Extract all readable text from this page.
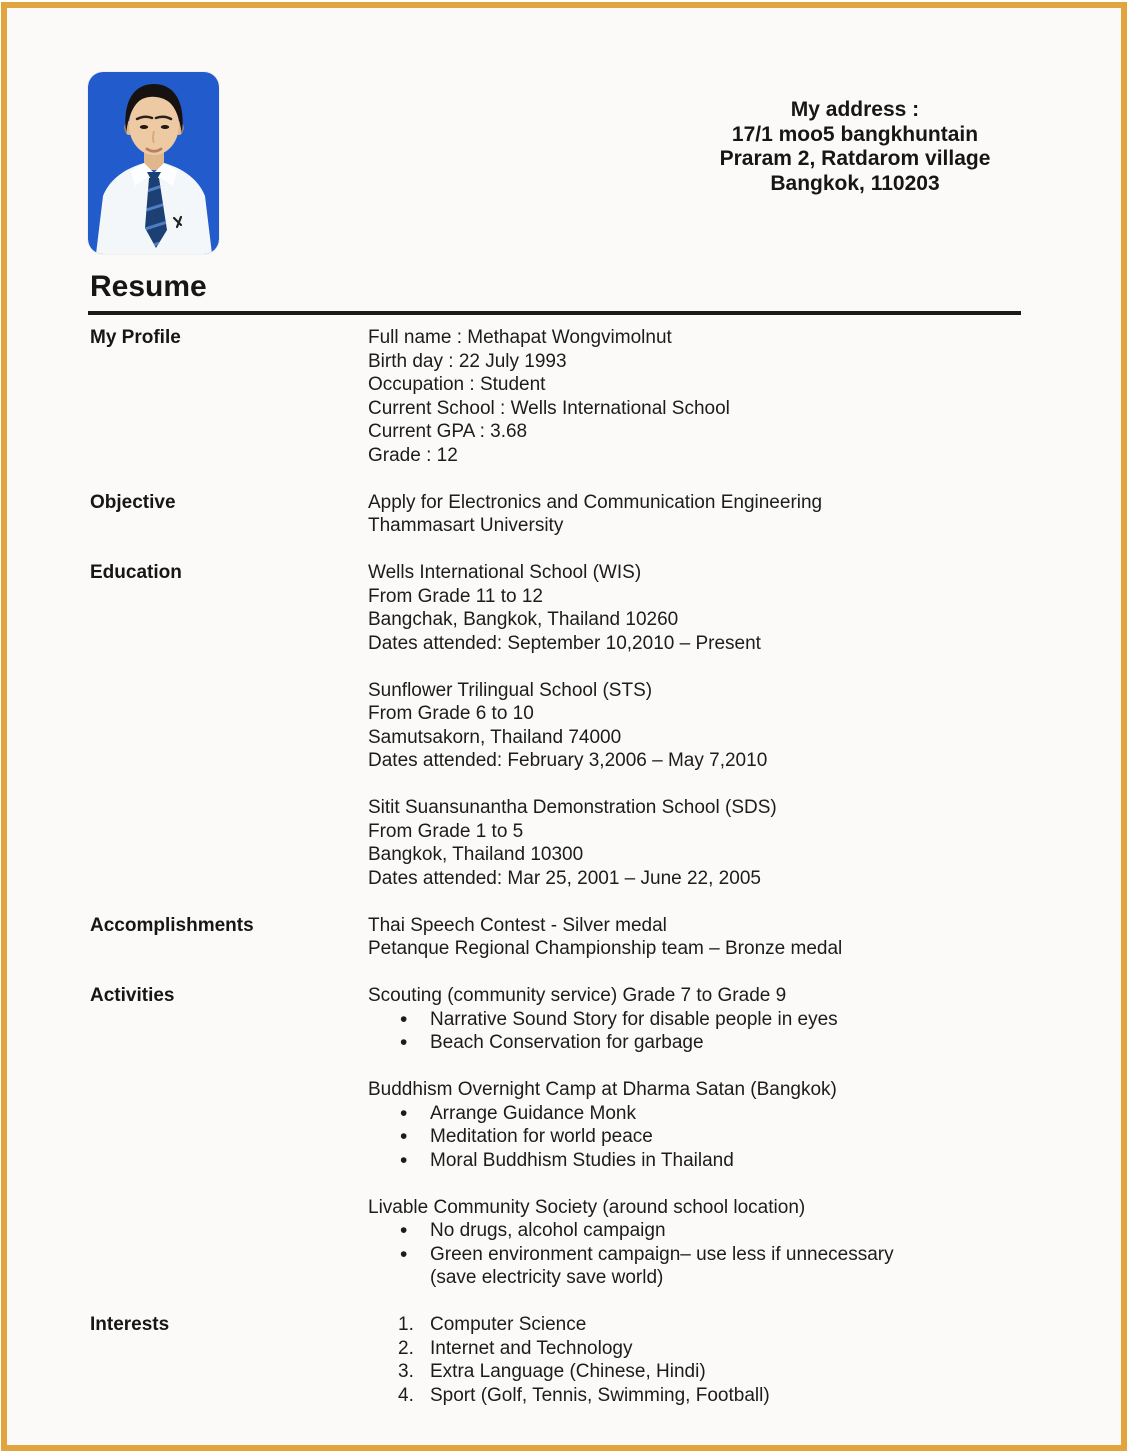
My address :
17/1 moo5 bangkhuntain
Praram 2, Ratdarom village
Bangkok, 110203
Resume
My Profile	Full name : Methapat Wongvimolnut
Birth day : 22 July 1993
Occupation : Student
Current School : Wells International School
Current GPA : 3.68
Grade : 12
Objective	Apply for Electronics and Communication Engineering
Thammasart University
Education	Wells International School (WIS)
From Grade 11 to 12
Bangchak, Bangkok, Thailand 10260
Dates attended: September 10,2010 – Present
Sunflower Trilingual School (STS)
From Grade 6 to 10
Samutsakorn, Thailand 74000
Dates attended: February 3,2006 – May 7,2010
Sitit Suansunantha Demonstration School (SDS)
From Grade 1 to 5
Bangkok, Thailand 10300
Dates attended: Mar 25, 2001 – June 22, 2005
Accomplishments	Thai Speech Contest - Silver medal
Petanque Regional Championship team – Bronze medal
Activities	Scouting (community service) Grade 7 to Grade 9
• Narrative Sound Story for disable people in eyes
• Beach Conservation for garbage
Buddhism Overnight Camp at Dharma Satan (Bangkok)
• Arrange Guidance Monk
• Meditation for world peace
• Moral Buddhism Studies in Thailand
Livable Community Society (around school location)
• No drugs, alcohol campaign
• Green environment campaign– use less if unnecessary
(save electricity save world)
Interests	1. Computer Science
2. Internet and Technology
3. Extra Language (Chinese, Hindi)
4. Sport (Golf, Tennis, Swimming, Football)
